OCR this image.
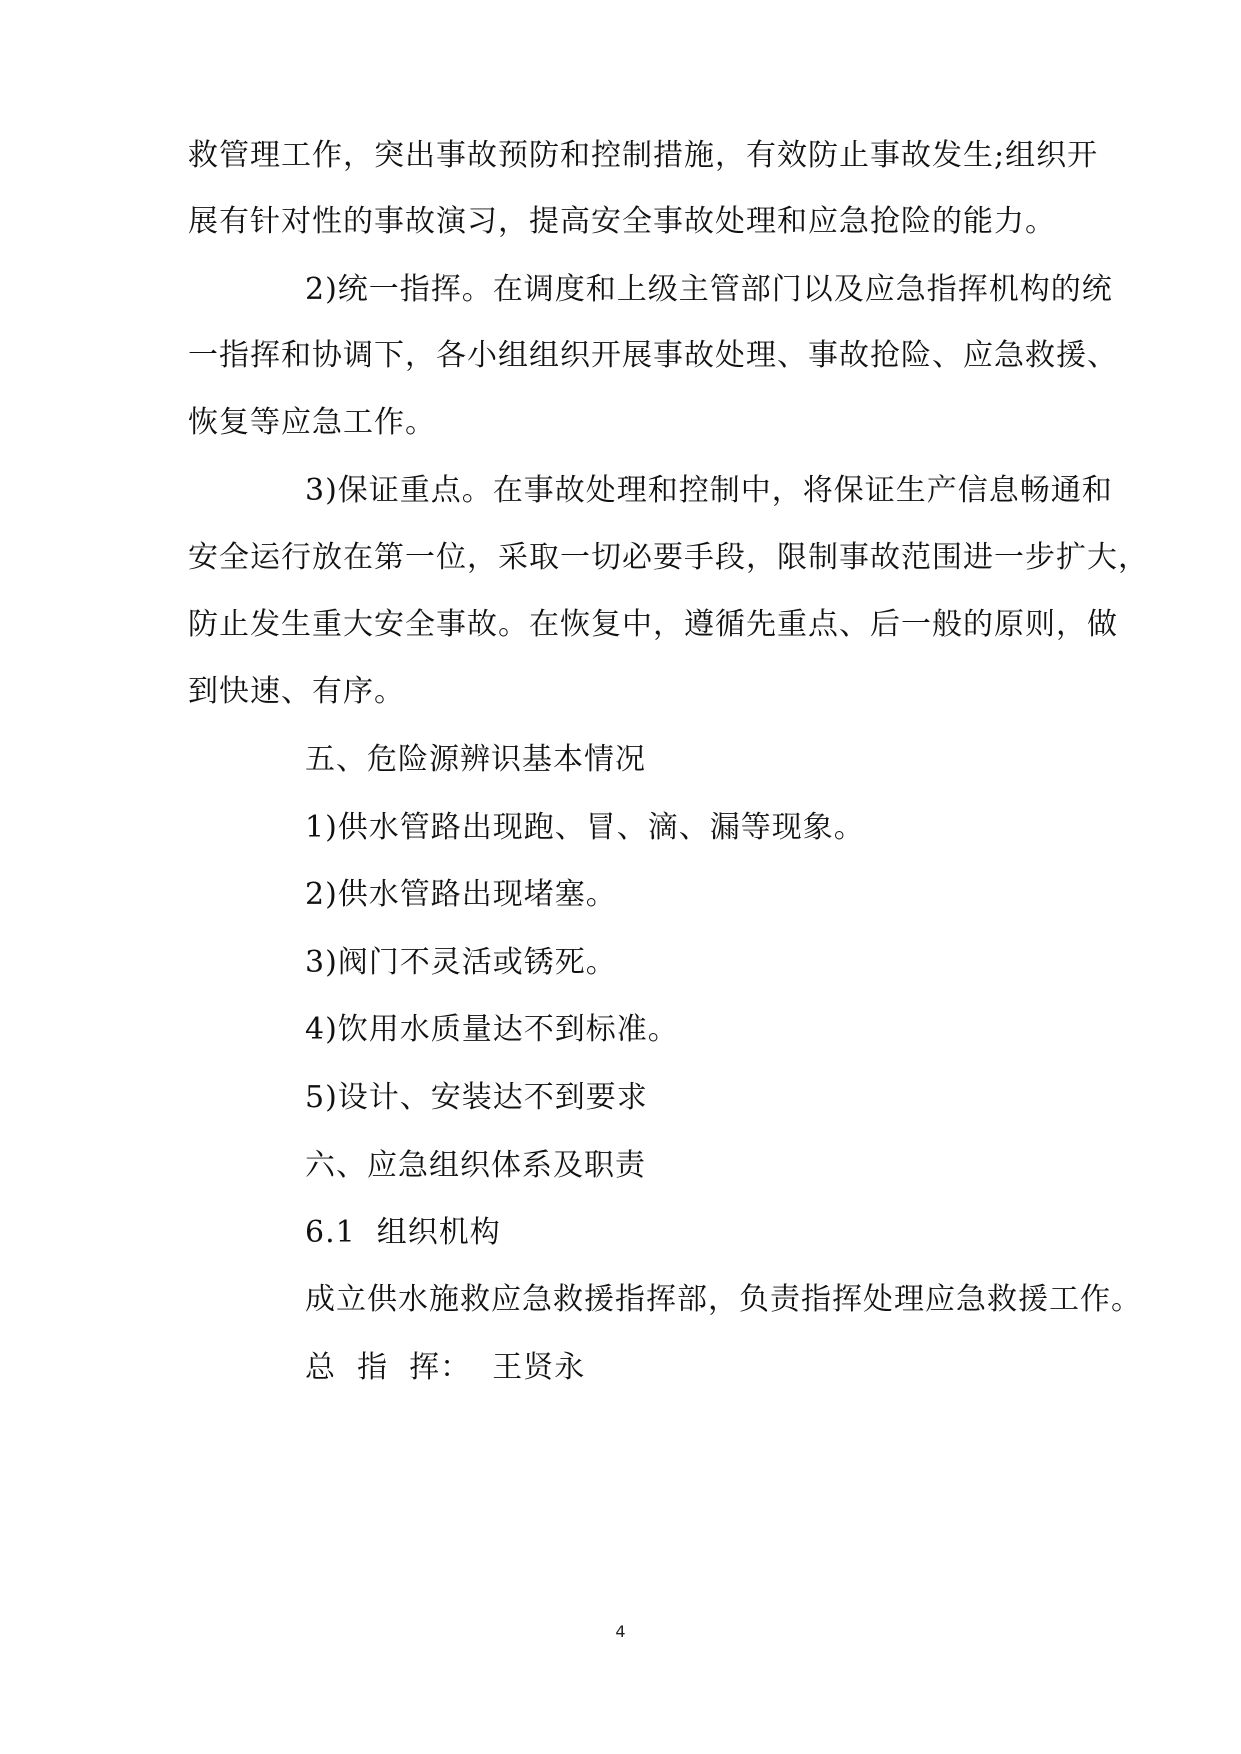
救管理工作，突出事故预防和控制措施，有效防止事故发生;组织开
展有针对性的事故演习，提高安全事故处理和应急抢险的能力。
2)统一指挥。在调度和上级主管部门以及应急指挥机构的统
一指挥和协调下，各小组组织开展事故处理、事故抢险、应急救援、
恢复等应急工作。
3)保证重点。在事故处理和控制中，将保证生产信息畅通和
安全运行放在第一位，采取一切必要手段，限制事故范围进一步扩大，
防止发生重大安全事故。在恢复中，遵循先重点、后一般的原则，做
到快速、有序。
五、危险源辨识基本情况
1)供水管路出现跑、冒、滴、漏等现象。
2)供水管路出现堵塞。
3)阀门不灵活或锈死。
4)饮用水质量达不到标准。
5)设计、安装达不到要求
六、应急组织体系及职责
6.1  组织机构
成立供水施救应急救援指挥部，负责指挥处理应急救援工作。
总  指  挥：  王贤永
4
